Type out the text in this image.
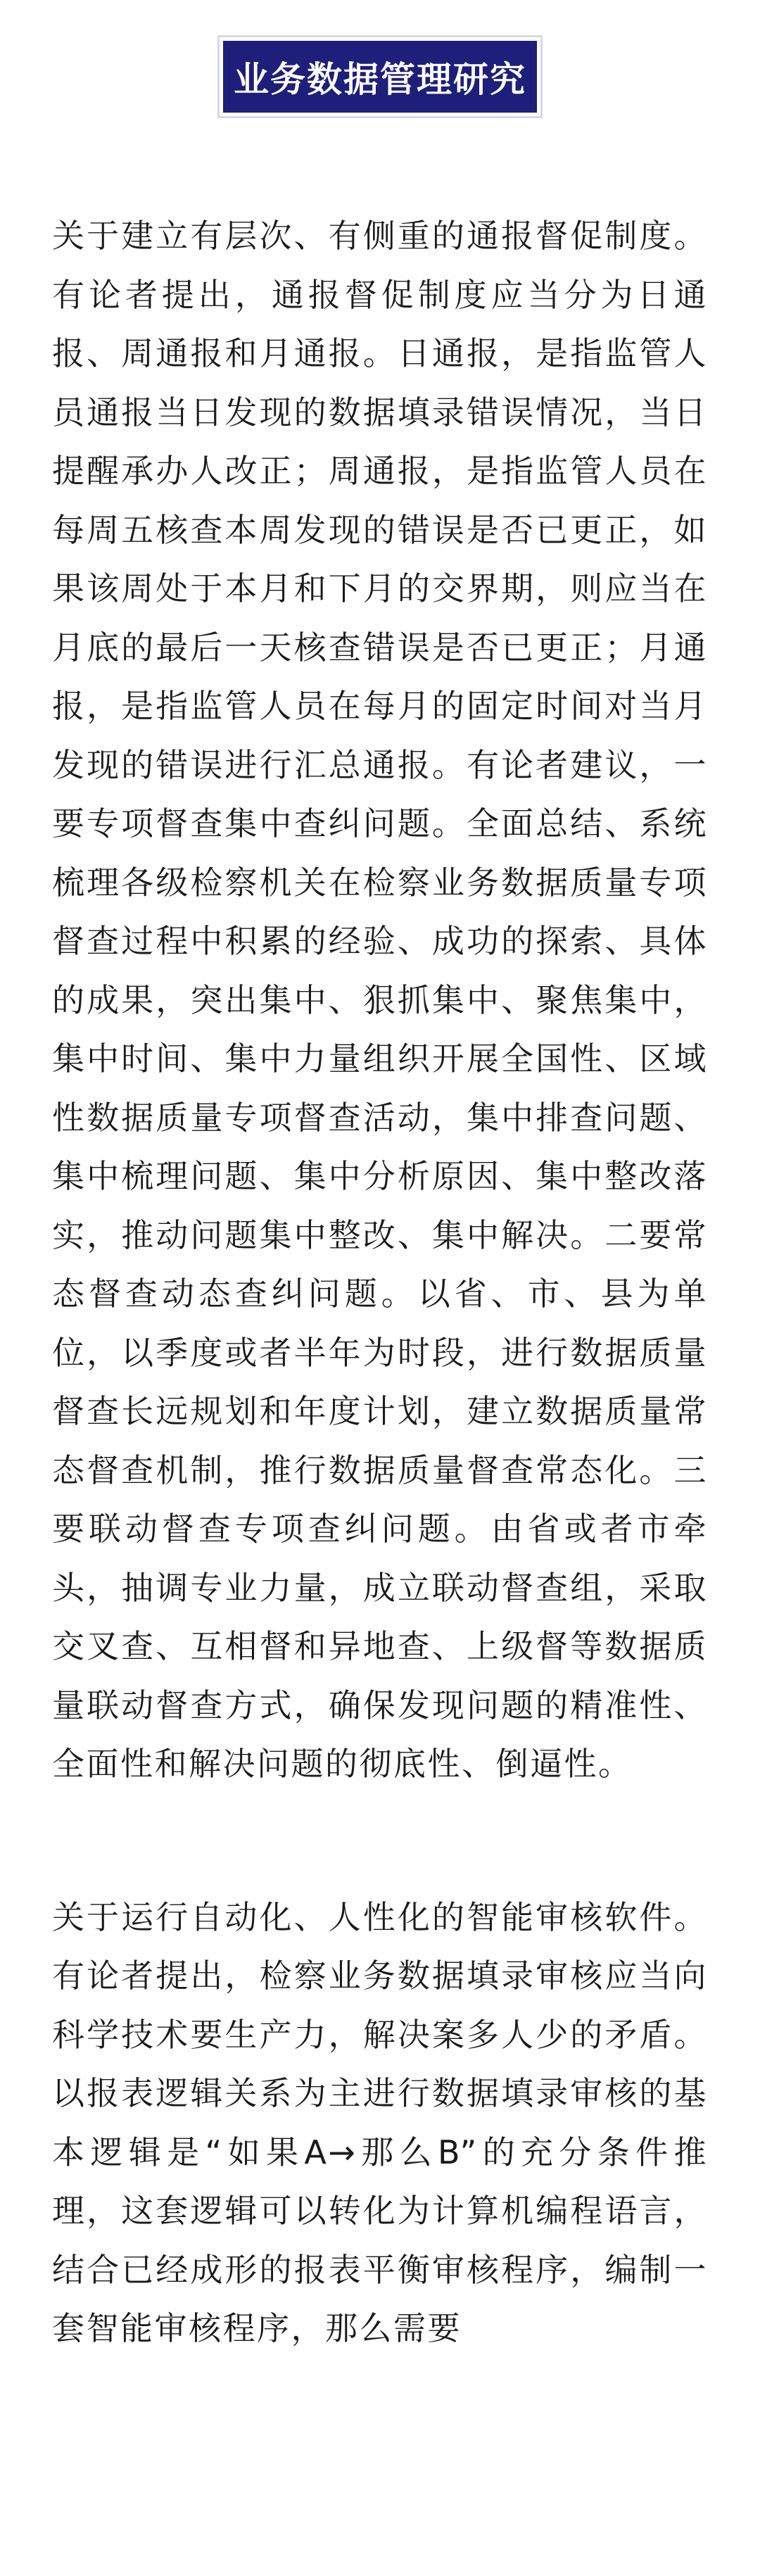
业务数据管理研究

关于建立有层次、有侧重的通报督促制度。有论者提出，通报督促制度应当分为日通报、周通报和月通报。日通报，是指监管人员通报当日发现的数据填录错误情况，当日提醒承办人改正；周通报，是指监管人员在每周五核查本周发现的错误是否已更正，如果该周处于本月和下月的交界期，则应当在月底的最后一天核查错误是否已更正；月通报，是指监管人员在每月的固定时间对当月发现的错误进行汇总通报。有论者建议，一要专项督查集中查纠问题。全面总结、系统梳理各级检察机关在检察业务数据质量专项督查过程中积累的经验、成功的探索、具体的成果，突出集中、狠抓集中、聚焦集中，集中时间、集中力量组织开展全国性、区域性数据质量专项督查活动，集中排查问题、集中梳理问题、集中分析原因、集中整改落实，推动问题集中整改、集中解决。二要常态督查动态查纠问题。以省、市、县为单位，以季度或者半年为时段，进行数据质量督查长远规划和年度计划，建立数据质量常态督查机制，推行数据质量督查常态化。三要联动督查专项查纠问题。由省或者市牵头，抽调专业力量，成立联动督查组，采取交叉查、互相督和异地查、上级督等数据质量联动督查方式，确保发现问题的精准性、全面性和解决问题的彻底性、倒逼性。

关于运行自动化、人性化的智能审核软件。有论者提出，检察业务数据填录审核应当向科学技术要生产力，解决案多人少的矛盾。以报表逻辑关系为主进行数据填录审核的基本逻辑是“如果A→那么B”的充分条件推理，这套逻辑可以转化为计算机编程语言，结合已经成形的报表平衡审核程序，编制一套智能审核程序，那么需要
